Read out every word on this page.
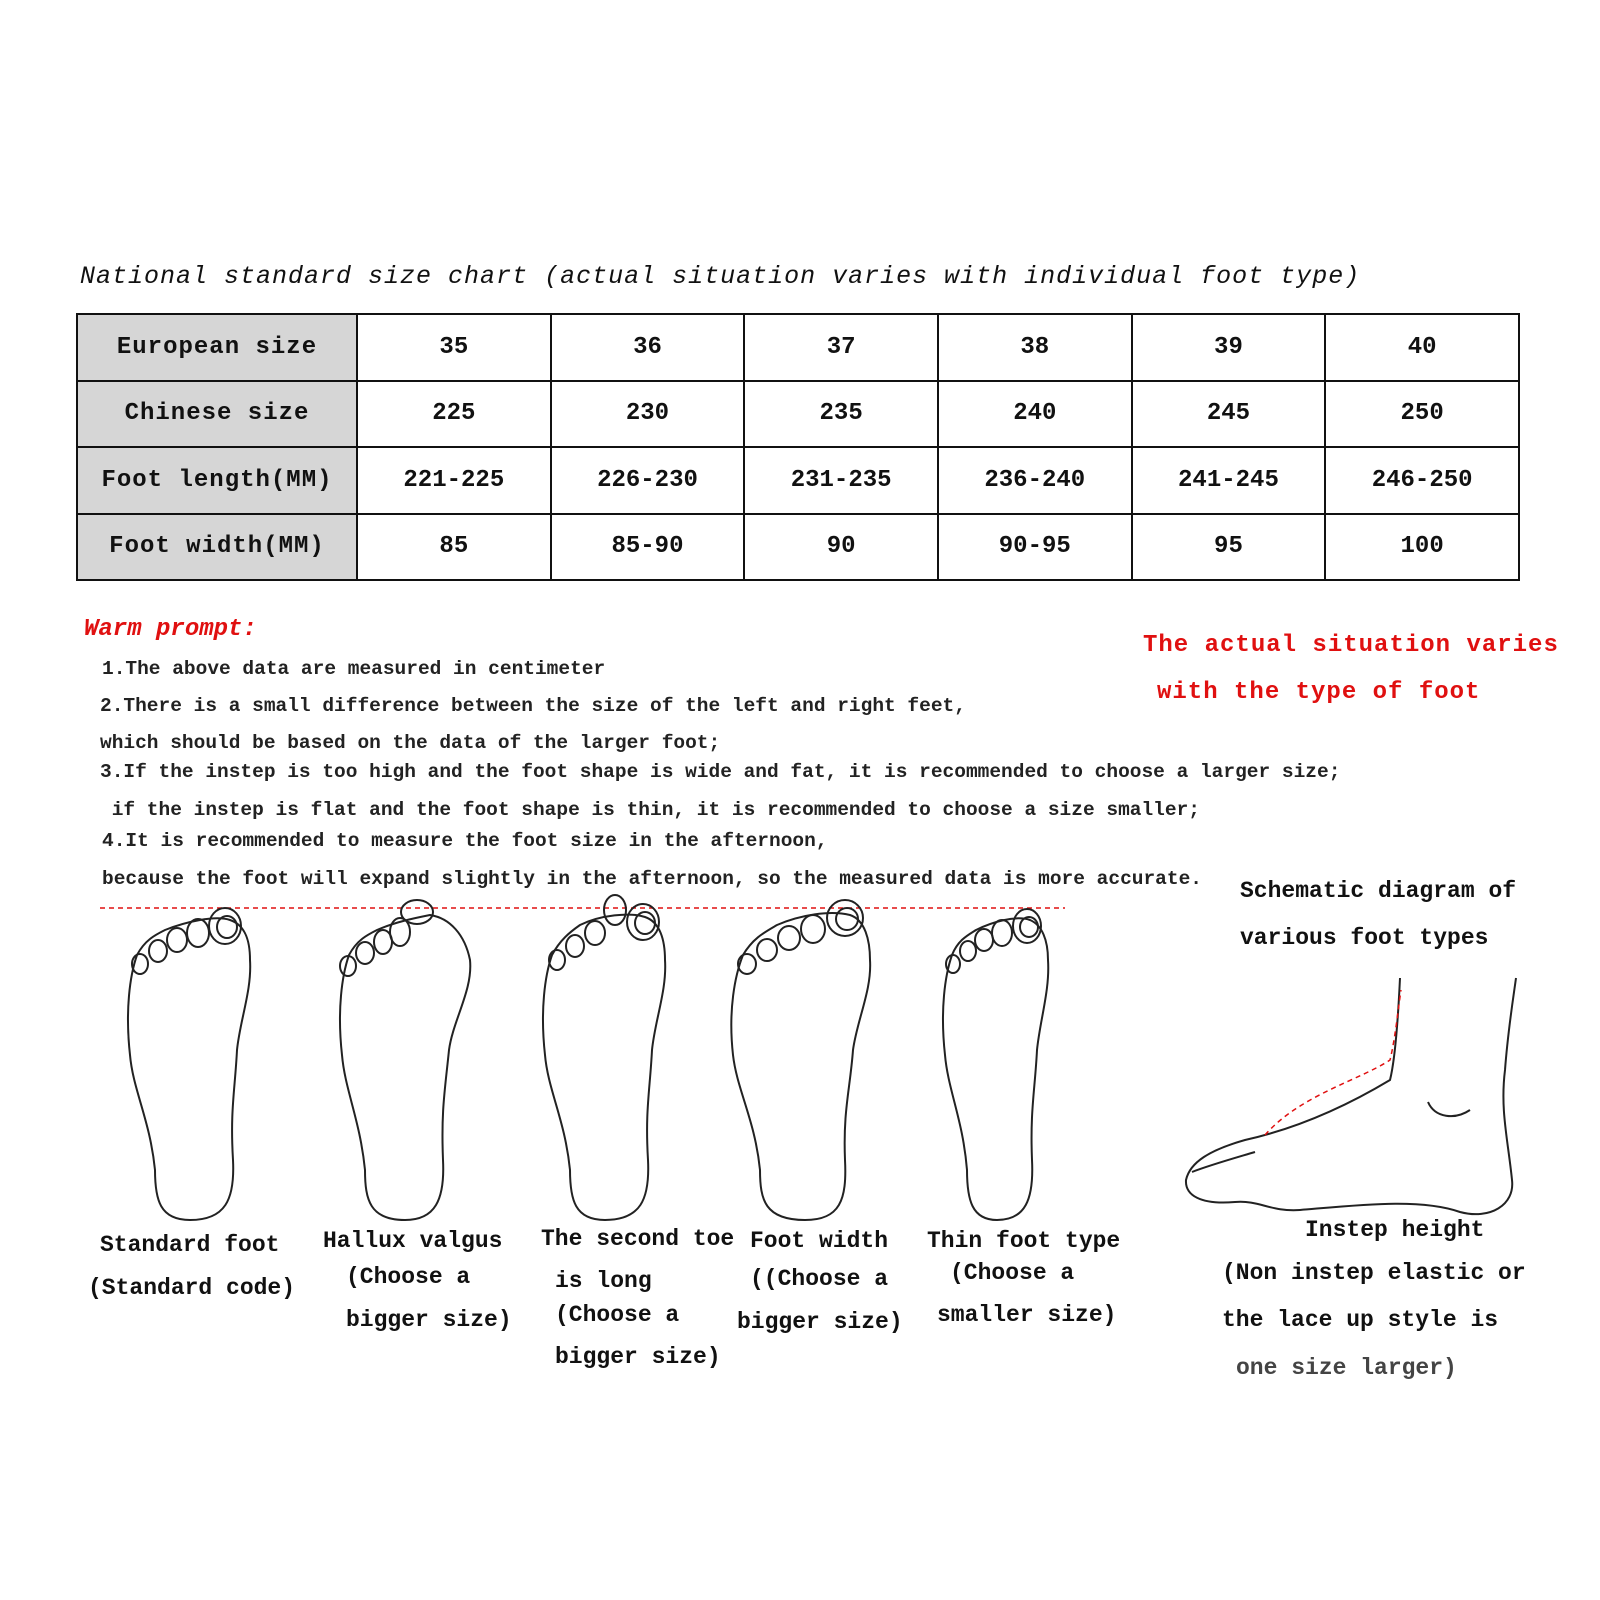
National standard size chart (actual situation varies with individual foot type)
European size	35	36	37	38	39	40
Chinese size	225	230	235	240	245	250
Foot length(MM)	221-225	226-230	231-235	236-240	241-245	246-250
Foot width(MM)	85	85-90	90	90-95	95	100
Warm prompt:
1.The above data are measured in centimeter
2.There is a small difference between the size of the left and right feet,
which should be based on the data of the larger foot;
3.If the instep is too high and the foot shape is wide and fat, it is recommended to choose a larger size;
if the instep is flat and the foot shape is thin, it is recommended to choose a size smaller;
4.It is recommended to measure the foot size in the afternoon,
because the foot will expand slightly in the afternoon, so the measured data is more accurate.
The actual situation varies
with the type of foot
Schematic diagram of
various foot types
Standard foot
(Standard code)
Hallux valgus
(Choose a
bigger size)
The second toe
is long
(Choose a
bigger size)
Foot width
((Choose a
bigger size)
Thin foot type
(Choose a
smaller size)
Instep height
(Non instep elastic or
the lace up style is
one size larger)
